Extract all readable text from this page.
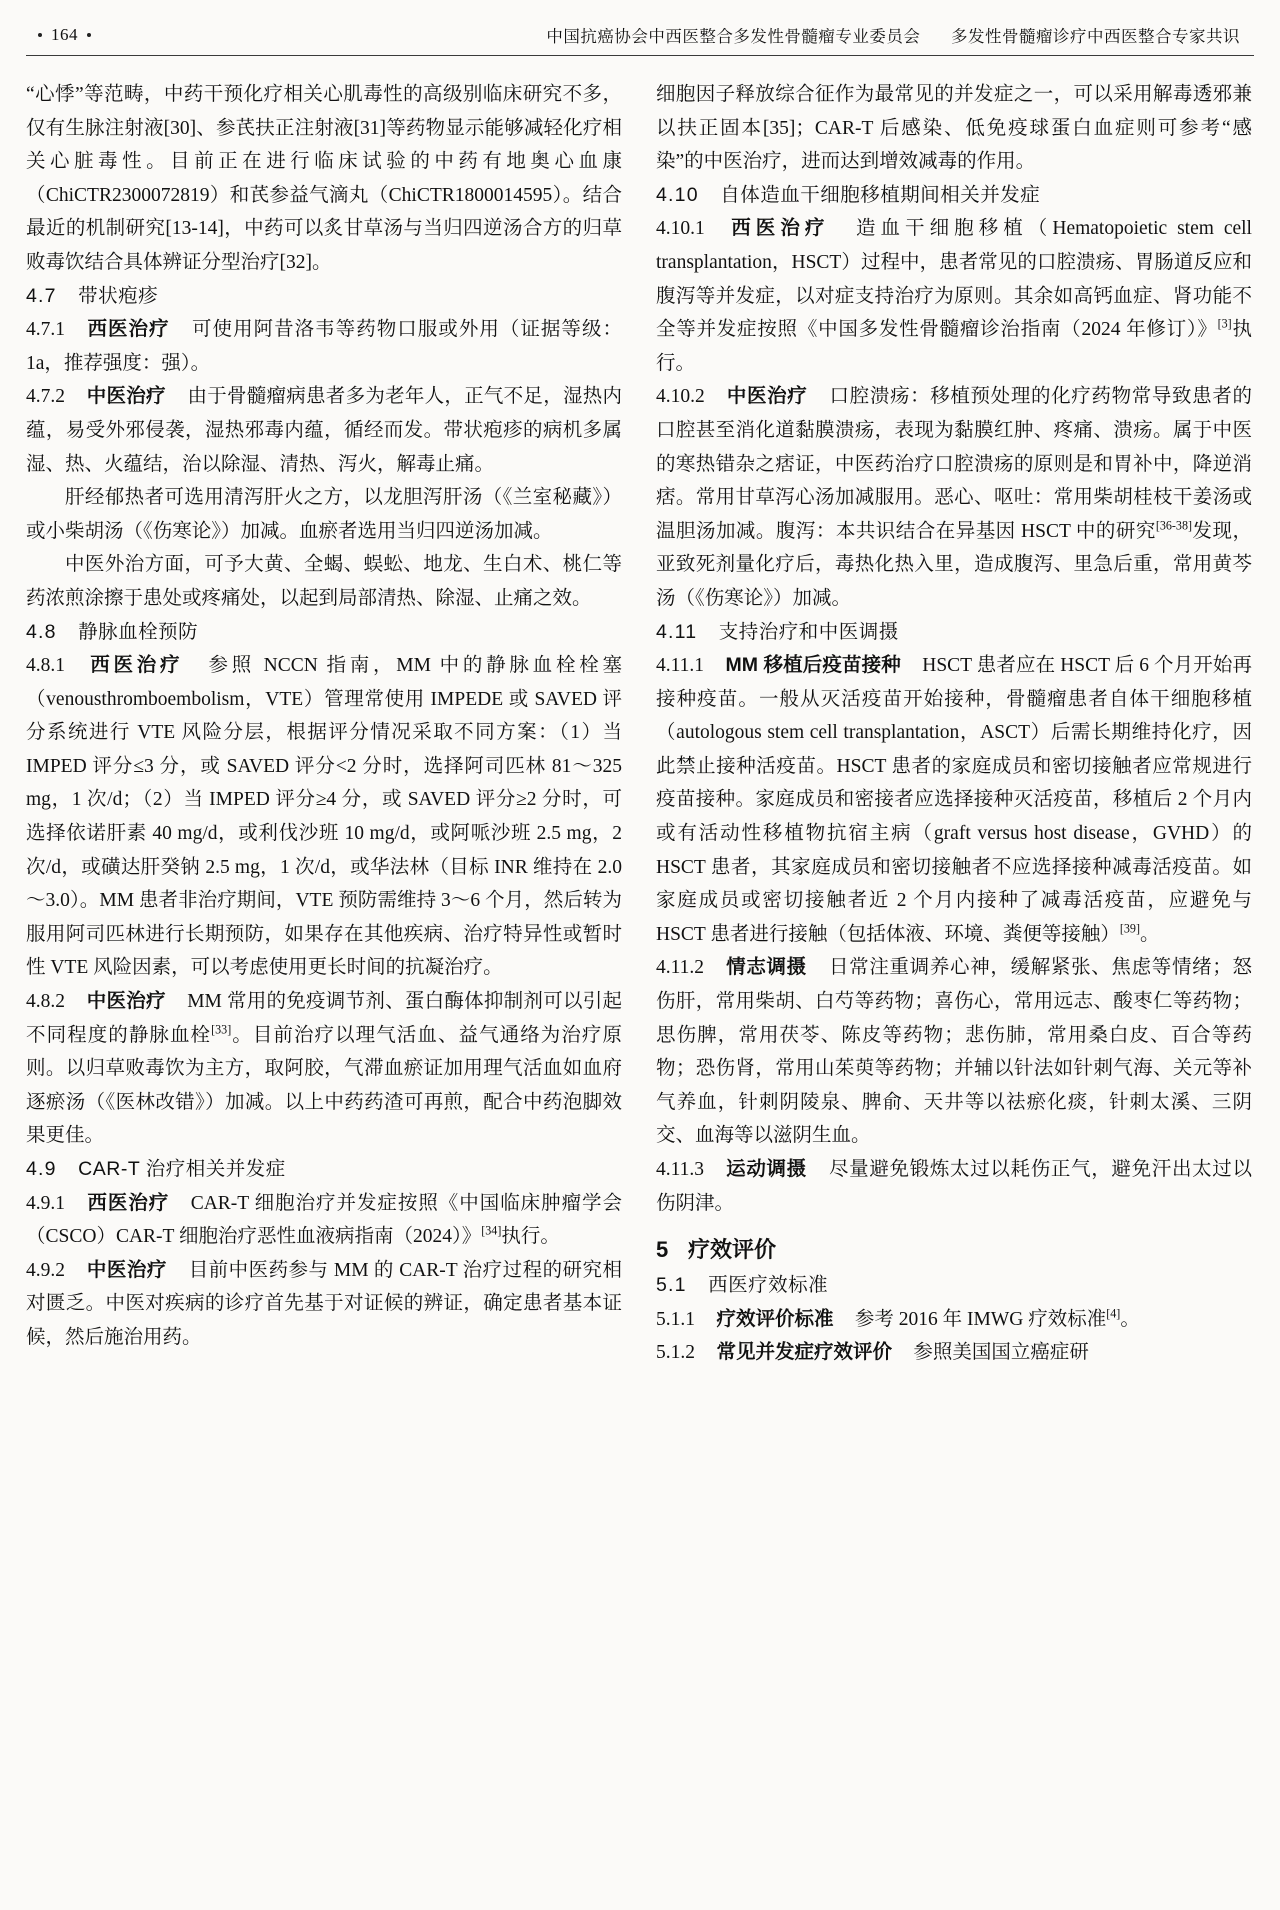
164	中国抗癌协会中西医整合多发性骨髓瘤专业委员会 多发性骨髓瘤诊疗中西医整合专家共识

“心悸”等范畴，中药干预化疗相关心肌毒性的高级别临床研究不多，仅有生脉注射液[30]、参芪扶正注射液[31]等药物显示能够减轻化疗相关心脏毒性。目前正在进行临床试验的中药有地奥心血康（ChiCTR2300072819）和芪参益气滴丸（ChiCTR1800014595）。结合最近的机制研究[13-14]，中药可以炙甘草汤与当归四逆汤合方的归草败毒饮结合具体辨证分型治疗[32]。

4.7 带状疱疹

4.7.1 西医治疗 可使用阿昔洛韦等药物口服或外用（证据等级：1a，推荐强度：强）。

4.7.2 中医治疗 由于骨髓瘤病患者多为老年人，正气不足，湿热内蕴，易受外邪侵袭，湿热邪毒内蕴，循经而发。带状疱疹的病机多属湿、热、火蕴结，治以除湿、清热、泻火，解毒止痛。

肝经郁热者可选用清泻肝火之方，以龙胆泻肝汤（《兰室秘藏》）或小柴胡汤（《伤寒论》）加减。血瘀者选用当归四逆汤加减。

中医外治方面，可予大黄、全蝎、蜈蚣、地龙、生白术、桃仁等药浓煎涂擦于患处或疼痛处，以起到局部清热、除湿、止痛之效。

4.8 静脉血栓预防

4.8.1 西医治疗 参照 NCCN 指南，MM 中的静脉血栓栓塞（venousthromboembolism，VTE）管理常使用 IMPEDE 或 SAVED 评分系统进行 VTE 风险分层，根据评分情况采取不同方案：（1）当 IMPED 评分≤3 分，或 SAVED 评分<2 分时，选择阿司匹林 81～325 mg，1 次/d；（2）当 IMPED 评分≥4 分，或 SAVED 评分≥2 分时，可选择依诺肝素 40 mg/d，或利伐沙班 10 mg/d，或阿哌沙班 2.5 mg，2 次/d，或磺达肝癸钠 2.5 mg，1 次/d，或华法林（目标 INR 维持在 2.0～3.0）。MM 患者非治疗期间，VTE 预防需维持 3～6 个月，然后转为服用阿司匹林进行长期预防，如果存在其他疾病、治疗特异性或暂时性 VTE 风险因素，可以考虑使用更长时间的抗凝治疗。

4.8.2 中医治疗 MM 常用的免疫调节剂、蛋白酶体抑制剂可以引起不同程度的静脉血栓[33]。目前治疗以理气活血、益气通络为治疗原则。以归草败毒饮为主方，取阿胶，气滞血瘀证加用理气活血如血府逐瘀汤（《医林改错》）加减。以上中药药渣可再煎，配合中药泡脚效果更佳。

4.9 CAR-T 治疗相关并发症

4.9.1 西医治疗 CAR-T 细胞治疗并发症按照《中国临床肿瘤学会（CSCO）CAR-T 细胞治疗恶性血液病指南（2024）》[34]执行。

4.9.2 中医治疗 目前中医药参与 MM 的 CAR-T 治疗过程的研究相对匮乏。中医对疾病的诊疗首先基于对证候的辨证，确定患者基本证候，然后施治用药。

细胞因子释放综合征作为最常见的并发症之一，可以采用解毒透邪兼以扶正固本[35]；CAR-T 后感染、低免疫球蛋白血症则可参考“感染”的中医治疗，进而达到增效减毒的作用。

4.10 自体造血干细胞移植期间相关并发症

4.10.1 西医治疗 造血干细胞移植（Hematopoietic stem cell transplantation，HSCT）过程中，患者常见的口腔溃疡、胃肠道反应和腹泻等并发症，以对症支持治疗为原则。其余如高钙血症、肾功能不全等并发症按照《中国多发性骨髓瘤诊治指南（2024 年修订）》[3]执行。

4.10.2 中医治疗 口腔溃疡：移植预处理的化疗药物常导致患者的口腔甚至消化道黏膜溃疡，表现为黏膜红肿、疼痛、溃疡。属于中医的寒热错杂之痞证，中医药治疗口腔溃疡的原则是和胃补中，降逆消痞。常用甘草泻心汤加减服用。恶心、呕吐：常用柴胡桂枝干姜汤或温胆汤加减。腹泻：本共识结合在异基因 HSCT 中的研究[36-38]发现，亚致死剂量化疗后，毒热化热入里，造成腹泻、里急后重，常用黄芩汤（《伤寒论》）加减。

4.11 支持治疗和中医调摄

4.11.1 MM 移植后疫苗接种 HSCT 患者应在 HSCT 后 6 个月开始再接种疫苗。一般从灭活疫苗开始接种，骨髓瘤患者自体干细胞移植（autologous stem cell transplantation，ASCT）后需长期维持化疗，因此禁止接种活疫苗。HSCT 患者的家庭成员和密切接触者应常规进行疫苗接种。家庭成员和密接者应选择接种灭活疫苗，移植后 2 个月内或有活动性移植物抗宿主病（graft versus host disease，GVHD）的 HSCT 患者，其家庭成员和密切接触者不应选择接种减毒活疫苗。如家庭成员或密切接触者近 2 个月内接种了减毒活疫苗，应避免与 HSCT 患者进行接触（包括体液、环境、粪便等接触）[39]。

4.11.2 情志调摄 日常注重调养心神，缓解紧张、焦虑等情绪；怒伤肝，常用柴胡、白芍等药物；喜伤心，常用远志、酸枣仁等药物；思伤脾，常用茯苓、陈皮等药物；悲伤肺，常用桑白皮、百合等药物；恐伤肾，常用山茱萸等药物；并辅以针法如针刺气海、关元等补气养血，针刺阴陵泉、脾俞、天井等以祛瘀化痰，针刺太溪、三阴交、血海等以滋阴生血。

4.11.3 运动调摄 尽量避免锻炼太过以耗伤正气，避免汗出太过以伤阴津。

5 疗效评价

5.1 西医疗效标准

5.1.1 疗效评价标准 参考 2016 年 IMWG 疗效标准[4]。

5.1.2 常见并发症疗效评价 参照美国国立癌症研
